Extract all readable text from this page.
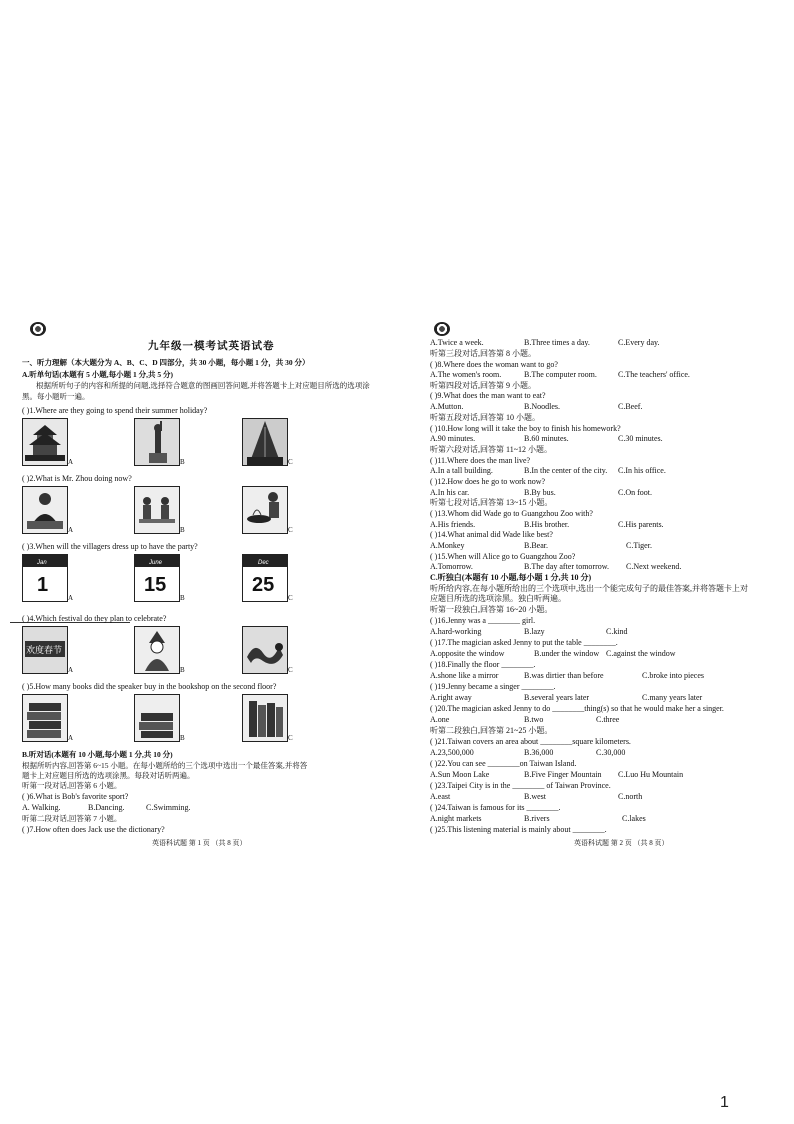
九年级一模考试英语试卷
一、听力理解（本大题分为 A、B、C、D 四部分，共 30 小题，每小题 1 分，共 30 分）
A.听单句话(本题有 5 小题,每小题 1 分,共 5 分)
根据所听句子的内容和所提的问题,选择符合题意的图画回答问题,并将答题卡上对应题目所选的选项涂
黑。每小题听一遍。
( )1.Where are they going to spend their summer holiday?
A	B	C
( )2.What is Mr. Zhou doing now?
A	B	C
( )3.When will the villagers dress up to have the party?
Jan
1
A
June
15
B
Dec
25
C
( )4.Which festival do they plan to celebrate?
欢度春节
A	B	C
( )5.How many books did the speaker buy in the bookshop on the second floor?
A	B	C
B.听对话(本题有 10 小题,每小题 1 分,共 10 分)
根据所听内容,回答第 6~15 小题。在每小题所给的三个选项中选出一个最佳答案,并将答
题卡上对应题目所选的选项涂黑。每段对话听两遍。
听第一段对话,回答第 6 小题。
( )6.What is Bob's favorite sport?
A. Walking.	B.Dancing.	C.Swimming.
听第二段对话,回答第 7 小题。
( )7.How often does Jack use the dictionary?
英语科试题 第 1 页 （共 8 页）
A.Twice a week.	B.Three times a day.	C.Every day.
听第三段对话,回答第 8 小题。
( )8.Where does the woman want to go?
A.The women's room.	B.The computer room.	C.The teachers' office.
听第四段对话,回答第 9 小题。
( )9.What does the man want to eat?
A.Mutton.	B.Noodles.	C.Beef.
听第五段对话,回答第 10 小题。
( )10.How long will it take the boy to finish his homework?
A.90 minutes.	B.60 minutes.	C.30 minutes.
听第六段对话,回答第 11~12 小题。
( )11.Where does the man live?
A.In a tall building.	B.In the center of the city. C.In his office.
( )12.How does he go to work now?
A.In his car.	B.By bus.	C.On foot.
听第七段对话,回答第 13~15 小题。
( )13.Whom did Wade go to Guangzhou Zoo with?
A.His friends.	B.His brother.	C.His parents.
( )14.What animal did Wade like best?
A.Monkey	B.Bear.	C.Tiger.
( )15.When will Alice go to Guangzhou Zoo?
A.Tomorrow.	B.The day after tomorrow. C.Next weekend.
C.听独白(本题有 10 小题,每小题 1 分,共 10 分)
听所给内容,在每小题所给出的三个选项中,选出一个能完成句子的最佳答案,并将答题卡上对
应题目所选的选项涂黑。独白听两遍。
听第一段独白,回答第 16~20 小题。
( )16.Jenny was a ________ girl.
A.hard-working	B.lazy	C.kind
( )17.The magician asked Jenny to put the table ________.
A.opposite the window	B.under the window C.against the window
( )18.Finally the floor ________.
A.shone like a mirror	B.was dirtier than before	C.broke into pieces
( )19.Jenny became a singer ________.
A.right away	B.several years later	C.many years later
( )20.The magician asked Jenny to do ________thing(s) so that he would make her a singer.
A.one	B.two	C.three
听第二段独白,回答第 21~25 小题。
( )21.Taiwan covers an area about ________square kilometers.
A.23,500,000	B.36,000	C.30,000
( )22.You can see ________on Taiwan Island.
A.Sun Moon Lake	B.Five Finger Mountain C.Luo Hu Mountain
( )23.Taipei City is in the ________ of Taiwan Province.
A.east	B.west	C.north
( )24.Taiwan is famous for its ________.
A.night markets	B.rivers	C.lakes
( )25.This listening material is mainly about ________.
英语科试题 第 2 页 （共 8 页）
1
